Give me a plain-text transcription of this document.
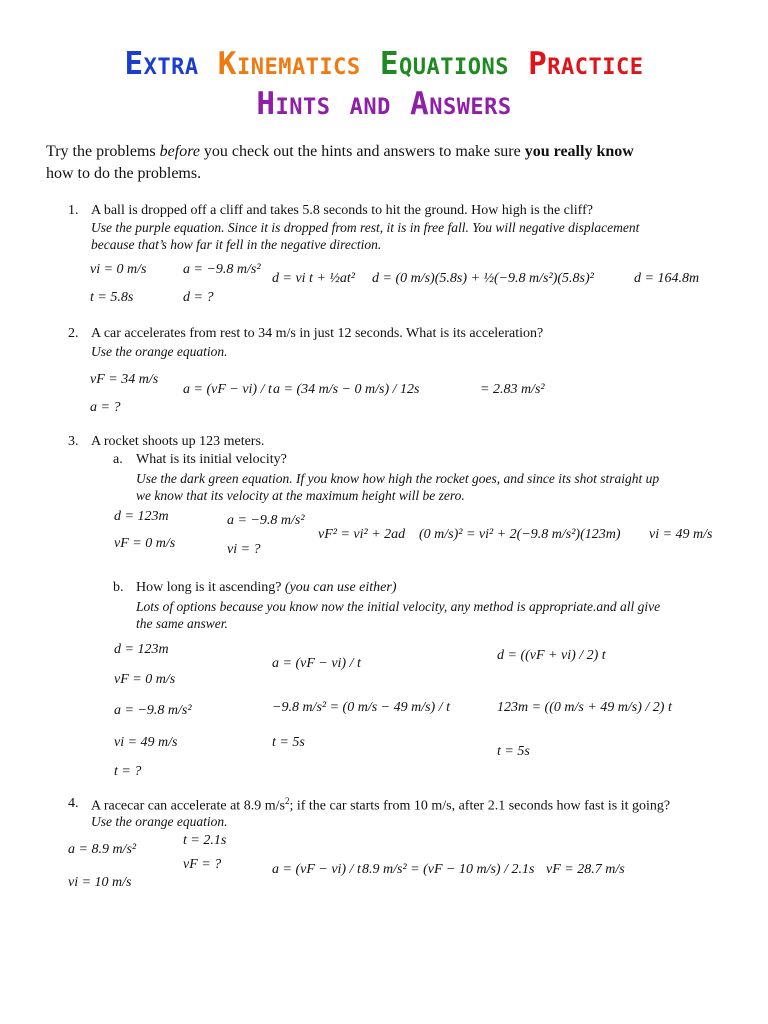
Extra Kinematics Equations Practice
Hints and Answers
Try the problems before you check out the hints and answers to make sure you really know
how to do the problems.
1. A ball is dropped off a cliff and takes 5.8 seconds to hit the ground. How high is the cliff?
Use the purple equation. Since it is dropped from rest, it is in free fall. You will negative displacement
because that’s how far it fell in the negative direction.
vi = 0 m/s	a = −9.8 m/s²
t = 5.8s	d = ?
d = vi t + ½at² d = (0 m/s)(5.8s) + ½(−9.8 m/s²)(5.8s)²	d = 164.8m
2. A car accelerates from rest to 34 m/s in just 12 seconds. What is its acceleration?
Use the orange equation.
vF = 34 m/s
a = ?
a = (vF − vi) / t a = (34 m/s − 0 m/s) / 12s	= 2.83 m/s²
3. A rocket shoots up 123 meters.
a. What is its initial velocity?
Use the dark green equation. If you know how high the rocket goes, and since its shot straight up
we know that its velocity at the maximum height will be zero.
d = 123m
vF = 0 m/s
a = −9.8 m/s²
vi = ?
vF² = vi² + 2ad (0 m/s)² = vi² + 2(−9.8 m/s²)(123m) vi = 49 m/s
b. How long is it ascending? (you can use either)
Lots of options because you know now the initial velocity, any method is appropriate.and all give
the same answer.
d = 123m
vF = 0 m/s
a = −9.8 m/s²
vi = 49 m/s
t = ?
a = (vF − vi) / t
−9.8 m/s² = (0 m/s − 49 m/s) / t
t = 5s
d = ((vF + vi) / 2) t
123m = ((0 m/s + 49 m/s) / 2) t
t = 5s
4. A racecar can accelerate at 8.9 $m/s^2$; if the car starts from 10 m/s, after 2.1 seconds how fast is it going?
Use the orange equation.
t = 2.1s
a = 8.9 m/s²
vF = ?
vi = 10 m/s
a = (vF − vi) / t 8.9 m/s² = (vF − 10 m/s) / 2.1s vF = 28.7 m/s
